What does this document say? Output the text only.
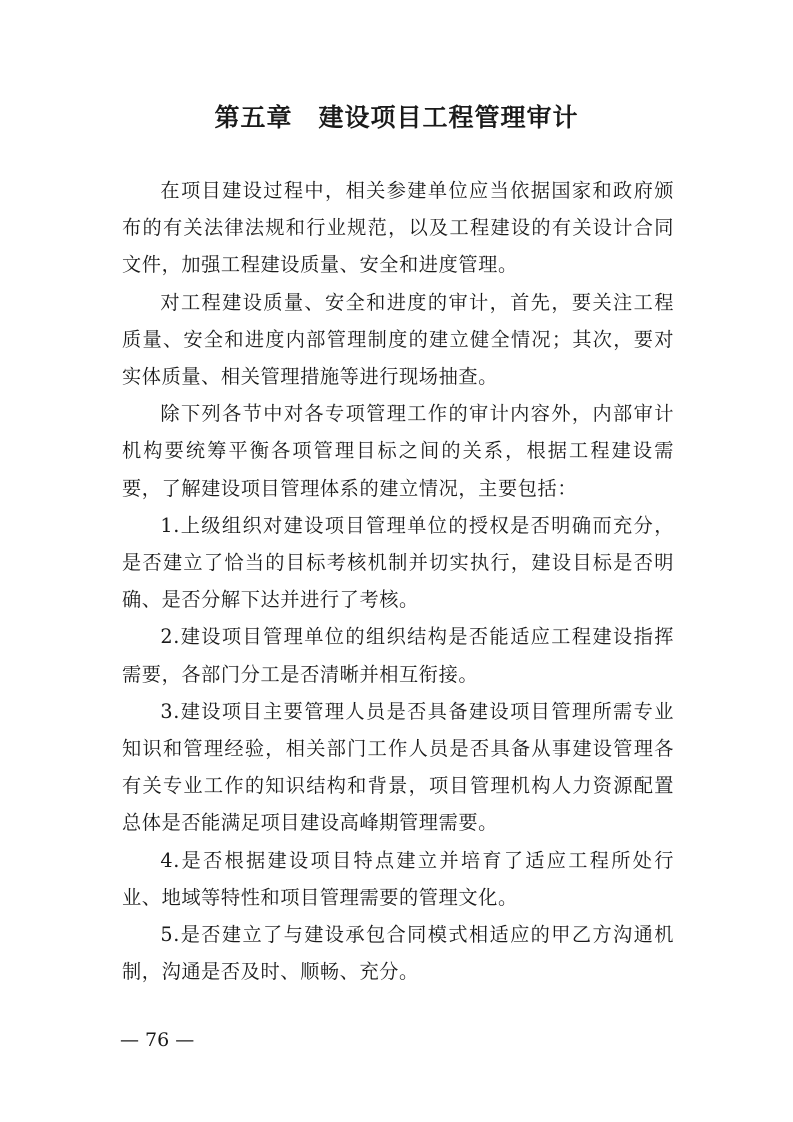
第五章　建设项目工程管理审计

在项目建设过程中，相关参建单位应当依据国家和政府颁布的有关法律法规和行业规范，以及工程建设的有关设计合同文件，加强工程建设质量、安全和进度管理。

对工程建设质量、安全和进度的审计，首先，要关注工程质量、安全和进度内部管理制度的建立健全情况；其次，要对实体质量、相关管理措施等进行现场抽查。

除下列各节中对各专项管理工作的审计内容外，内部审计机构要统筹平衡各项管理目标之间的关系，根据工程建设需要，了解建设项目管理体系的建立情况，主要包括：

1.上级组织对建设项目管理单位的授权是否明确而充分，是否建立了恰当的目标考核机制并切实执行，建设目标是否明确、是否分解下达并进行了考核。

2.建设项目管理单位的组织结构是否能适应工程建设指挥需要，各部门分工是否清晰并相互衔接。

3.建设项目主要管理人员是否具备建设项目管理所需专业知识和管理经验，相关部门工作人员是否具备从事建设管理各有关专业工作的知识结构和背景，项目管理机构人力资源配置总体是否能满足项目建设高峰期管理需要。

4.是否根据建设项目特点建立并培育了适应工程所处行业、地域等特性和项目管理需要的管理文化。

5.是否建立了与建设承包合同模式相适应的甲乙方沟通机制，沟通是否及时、顺畅、充分。

— 76 —
